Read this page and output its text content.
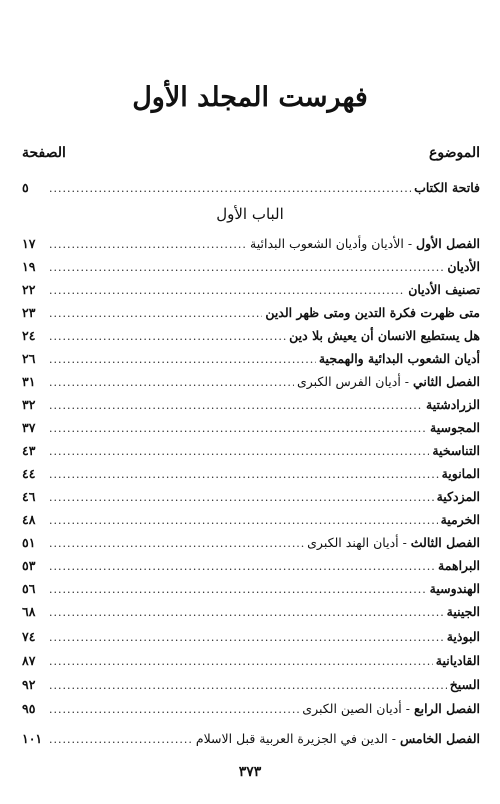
فهرست المجلد الأول
الموضوع
الصفحة
فاتحة الكتاب
.....
٥
الباب الأول
الفصل الأول - الأديان وأديان الشعوب البدائية
.....
١٧
الأديان
.....
١٩
تصنيف الأديان
.....
٢٢
متى ظهرت فكرة التدين ومتى ظهر الدين
.....
٢٣
هل يستطيع الانسان أن يعيش بلا دين
.....
٢٤
أديان الشعوب البدائية والهمجية
.....
٢٦
الفصل الثاني - أديان الفرس الكبرى
.....
٣١
الزرادشتية
.....
٣٢
المجوسية
.....
٣٧
التناسخية
.....
٤٣
المانوية
.....
٤٤
المزدكية
.....
٤٦
الخرمية
.....
٤٨
الفصل الثالث - أديان الهند الكبرى
.....
٥١
البراهمة
.....
٥٣
الهندوسية
.....
٥٦
الجينية
.....
٦٨
البوذية
.....
٧٤
القاديانية
.....
٨٧
السيخ
.....
٩٢
الفصل الرابع - أديان الصين الكبرى
.....
٩٥
الفصل الخامس - الدين في الجزيرة العربية قبل الاسلام
.....
١٠١
٣٧٣
